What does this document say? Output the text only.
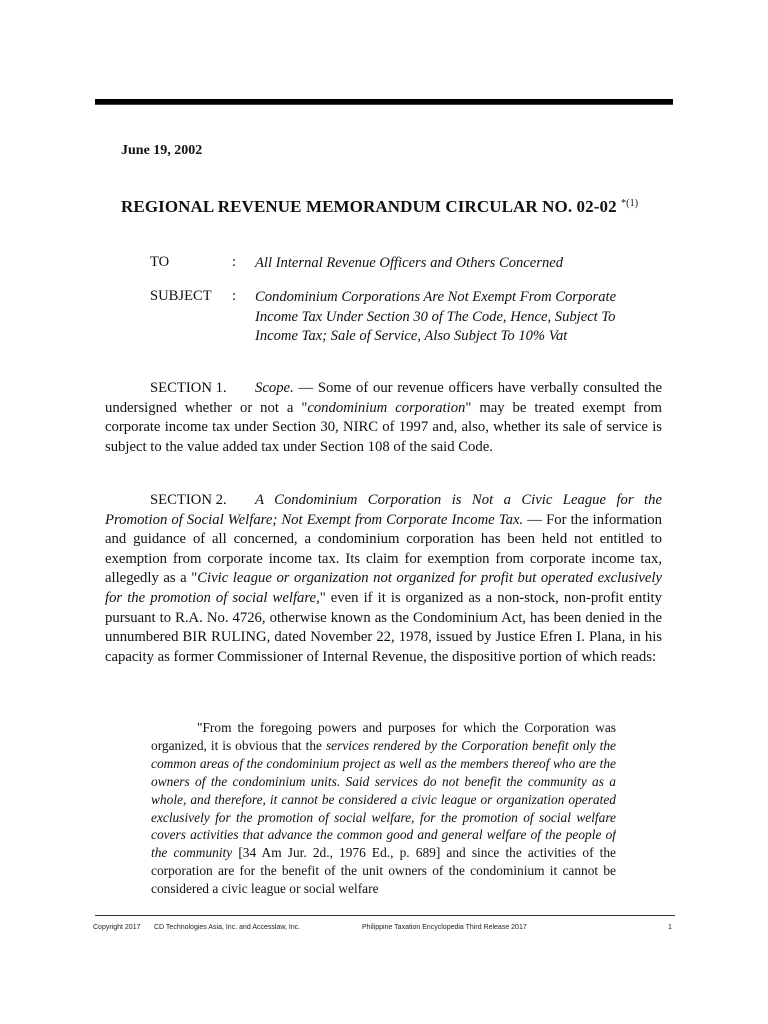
June 19, 2002
REGIONAL REVENUE MEMORANDUM CIRCULAR NO. 02-02 $^{*(1)}$
TO	: All Internal Revenue Officers and Others Concerned
SUBJECT : Condominium Corporations Are Not Exempt From Corporate Income Tax Under Section 30 of The Code, Hence, Subject To Income Tax; Sale of Service, Also Subject To 10% Vat
SECTION 1. Scope. — Some of our revenue officers have verbally consulted the undersigned whether or not a "condominium corporation" may be treated exempt from corporate income tax under Section 30, NIRC of 1997 and, also, whether its sale of service is subject to the value added tax under Section 108 of the said Code.
SECTION 2. A Condominium Corporation is Not a Civic League for the Promotion of Social Welfare; Not Exempt from Corporate Income Tax. — For the information and guidance of all concerned, a condominium corporation has been held not entitled to exemption from corporate income tax. Its claim for exemption from corporate income tax, allegedly as a "Civic league or organization not organized for profit but operated exclusively for the promotion of social welfare," even if it is organized as a non-stock, non-profit entity pursuant to R.A. No. 4726, otherwise known as the Condominium Act, has been denied in the unnumbered BIR RULING, dated November 22, 1978, issued by Justice Efren I. Plana, in his capacity as former Commissioner of Internal Revenue, the dispositive portion of which reads:
"From the foregoing powers and purposes for which the Corporation was organized, it is obvious that the services rendered by the Corporation benefit only the common areas of the condominium project as well as the members thereof who are the owners of the condominium units. Said services do not benefit the community as a whole, and therefore, it cannot be considered a civic league or organization operated exclusively for the promotion of social welfare, for the promotion of social welfare covers activities that advance the common good and general welfare of the people of the community [34 Am Jur. 2d., 1976 Ed., p. 689] and since the activities of the corporation are for the benefit of the unit owners of the condominium it cannot be considered a civic league or social welfare
Copyright 2017 CD Technologies Asia, Inc. and Accesslaw, Inc.	Philippine Taxation Encyclopedia Third Release 2017	1
